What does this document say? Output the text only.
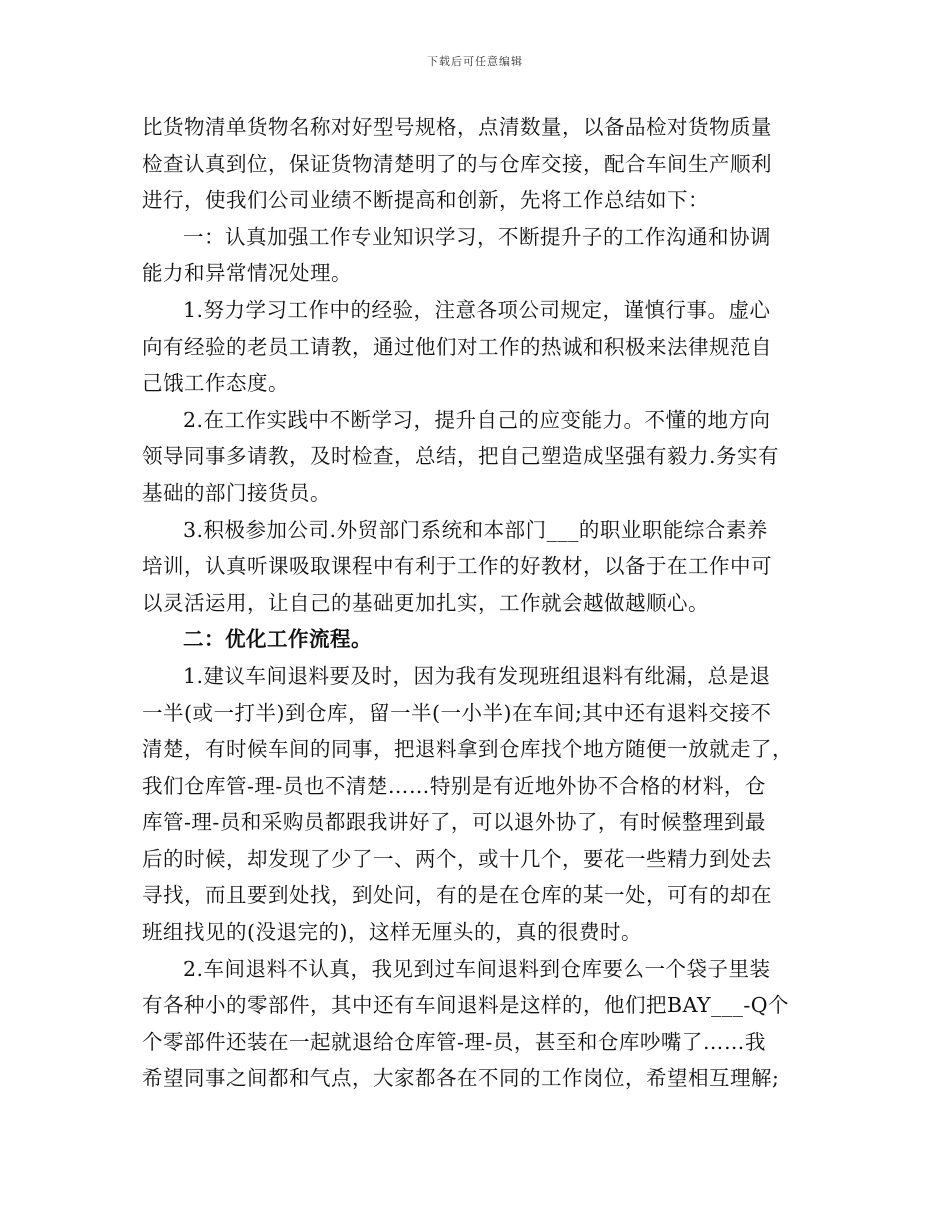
下载后可任意编辑
比货物清单货物名称对好型号规格，点清数量，以备品检对货物质量
检查认真到位，保证货物清楚明了的与仓库交接，配合车间生产顺利
进行，使我们公司业绩不断提高和创新，先将工作总结如下：
一：认真加强工作专业知识学习，不断提升子的工作沟通和协调
能力和异常情况处理。
1.努力学习工作中的经验，注意各项公司规定，谨慎行事。虚心
向有经验的老员工请教，通过他们对工作的热诚和积极来法律规范自
己饿工作态度。
2.在工作实践中不断学习，提升自己的应变能力。不懂的地方向
领导同事多请教，及时检查，总结，把自己塑造成坚强有毅力.务实有
基础的部门接货员。
3.积极参加公司.外贸部门系统和本部门___的职业职能综合素养
培训，认真听课吸取课程中有利于工作的好教材，以备于在工作中可
以灵活运用，让自己的基础更加扎实，工作就会越做越顺心。
二：优化工作流程。
1.建议车间退料要及时，因为我有发现班组退料有纰漏，总是退
一半(或一打半)到仓库，留一半(一小半)在车间;其中还有退料交接不
清楚，有时候车间的同事，把退料拿到仓库找个地方随便一放就走了，
我们仓库管-理-员也不清楚……特别是有近地外协不合格的材料，仓
库管-理-员和采购员都跟我讲好了，可以退外协了，有时候整理到最
后的时候，却发现了少了一、两个，或十几个，要花一些精力到处去
寻找，而且要到处找，到处问，有的是在仓库的某一处，可有的却在
班组找见的(没退完的)，这样无厘头的，真的很费时。
2.车间退料不认真，我见到过车间退料到仓库要么一个袋子里装
有各种小的零部件，其中还有车间退料是这样的，他们把BAY___-Q个
个零部件还装在一起就退给仓库管-理-员，甚至和仓库吵嘴了……我
希望同事之间都和气点，大家都各在不同的工作岗位，希望相互理解;
